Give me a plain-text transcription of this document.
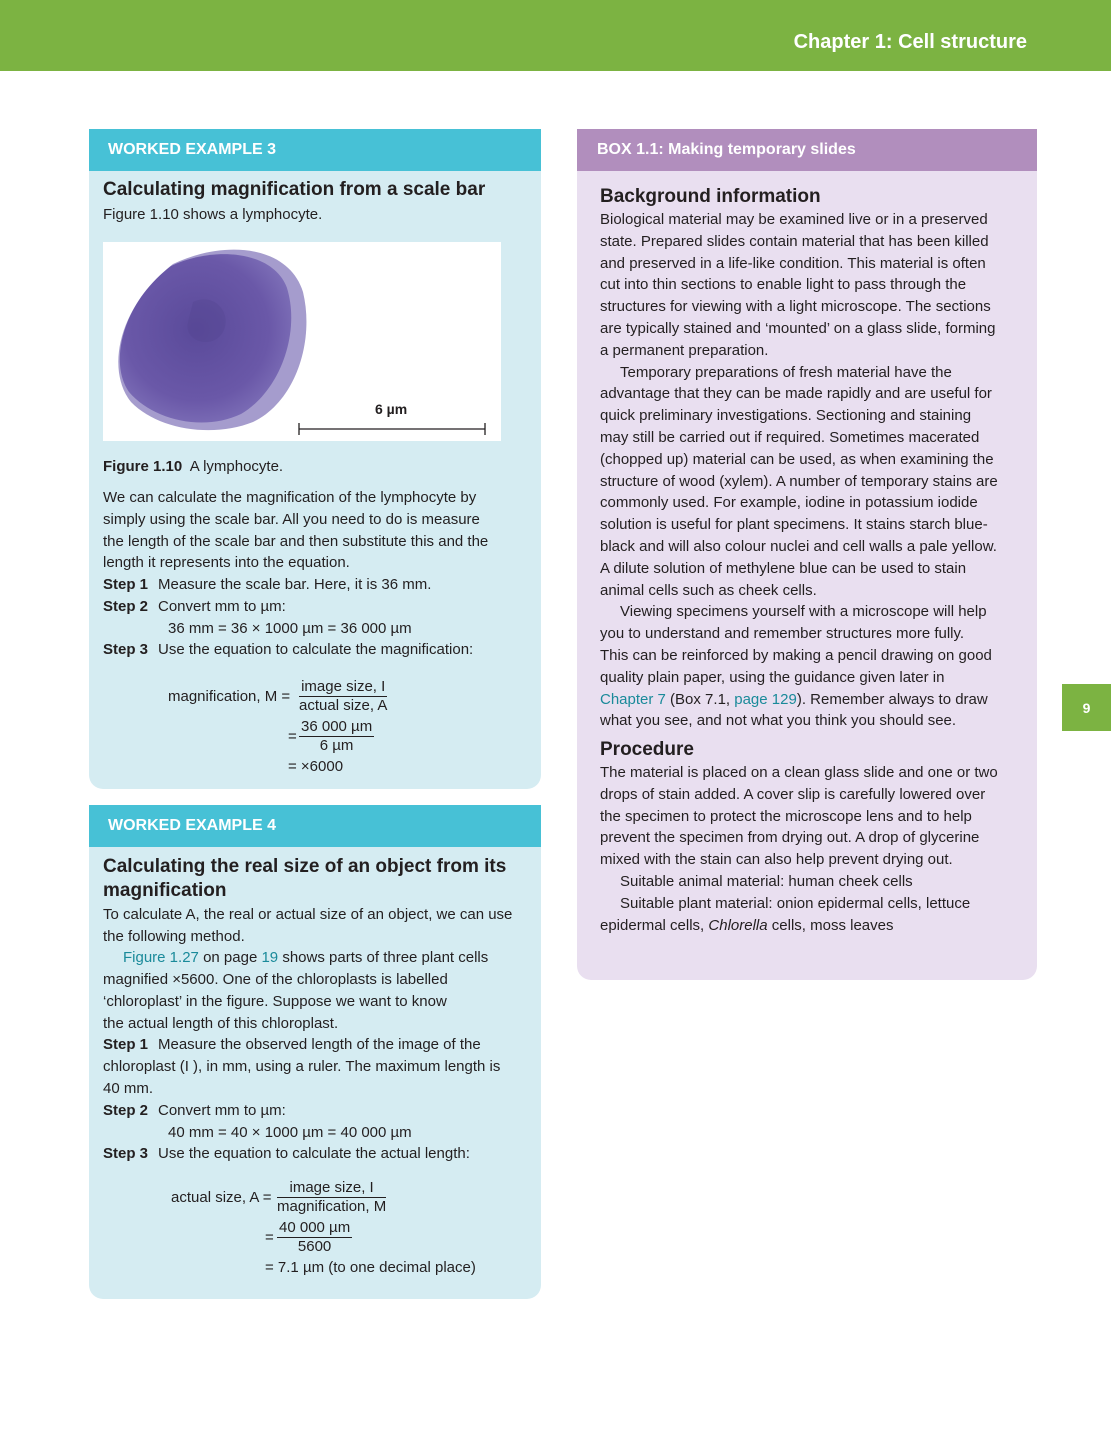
Chapter 1: Cell structure
9
WORKED EXAMPLE 3
Calculating magnification from a scale bar
Figure 1.10 shows a lymphocyte.
6 µm
Figure 1.10 A lymphocyte.
We can calculate the magnification of the lymphocyte by
simply using the scale bar. All you need to do is measure
the length of the scale bar and then substitute this and the
length it represents into the equation.
Step 1 Measure the scale bar. Here, it is 36 mm.
Step 2 Convert mm to µm:
36 mm = 36 × 1000 µm = 36 000 µm
Step 3 Use the equation to calculate the magnification:
magnification, M =
image size, I
actual size, A
=
36 000 µm
6 µm
= ×6000
WORKED EXAMPLE 4
Calculating the real size of an object from its
magnification
To calculate A, the real or actual size of an object, we can use
the following method.
Figure 1.27 on page 19 shows parts of three plant cells
magnified ×5600. One of the chloroplasts is labelled
‘chloroplast’ in the figure. Suppose we want to know
the actual length of this chloroplast.
Step 1 Measure the observed length of the image of the
chloroplast (I ), in mm, using a ruler. The maximum length is
40 mm.
Step 2 Convert mm to µm:
40 mm = 40 × 1000 µm = 40 000 µm
Step 3 Use the equation to calculate the actual length:
actual size, A =
image size, I
magnification, M
=
40 000 µm
5600
= 7.1 µm (to one decimal place)
BOX 1.1: Making temporary slides
Background information
Biological material may be examined live or in a preserved
state. Prepared slides contain material that has been killed
and preserved in a life-like condition. This material is often
cut into thin sections to enable light to pass through the
structures for viewing with a light microscope. The sections
are typically stained and ‘mounted’ on a glass slide, forming
a permanent preparation.
Temporary preparations of fresh material have the
advantage that they can be made rapidly and are useful for
quick preliminary investigations. Sectioning and staining
may still be carried out if required. Sometimes macerated
(chopped up) material can be used, as when examining the
structure of wood (xylem). A number of temporary stains are
commonly used. For example, iodine in potassium iodide
solution is useful for plant specimens. It stains starch blue-
black and will also colour nuclei and cell walls a pale yellow.
A dilute solution of methylene blue can be used to stain
animal cells such as cheek cells.
Viewing specimens yourself with a microscope will help
you to understand and remember structures more fully.
This can be reinforced by making a pencil drawing on good
quality plain paper, using the guidance given later in
Chapter 7 (Box 7.1, page 129). Remember always to draw
what you see, and not what you think you should see.
Procedure
The material is placed on a clean glass slide and one or two
drops of stain added. A cover slip is carefully lowered over
the specimen to protect the microscope lens and to help
prevent the specimen from drying out. A drop of glycerine
mixed with the stain can also help prevent drying out.
Suitable animal material: human cheek cells
Suitable plant material: onion epidermal cells, lettuce
epidermal cells, Chlorella cells, moss leaves
